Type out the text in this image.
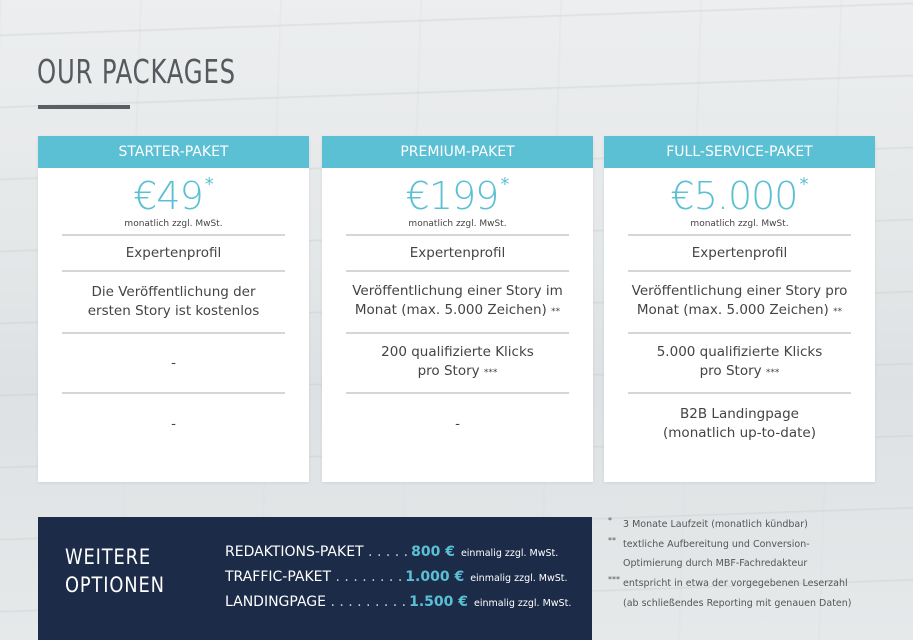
OUR PACKAGES
STARTER-PAKET
€49 *
monatlich zzgl. MwSt.
Expertenprofil
Die Veröffentlichung der
ersten Story ist kostenlos
-
-
PREMIUM-PAKET
€199 *
monatlich zzgl. MwSt.
Expertenprofil
Veröffentlichung einer Story im
Monat (max. 5.000 Zeichen) **
200 qualifizierte Klicks
pro Story ***
-
FULL-SERVICE-PAKET
€5.000 *
monatlich zzgl. MwSt.
Expertenprofil
Veröffentlichung einer Story pro
Monat (max. 5.000 Zeichen) **
5.000 qualifizierte Klicks
pro Story ***
B2B Landingpage
(monatlich up-to-date)
WEITERE
OPTIONEN
REDAKTIONS-PAKET . . . . . 800 € einmalig zzgl. MwSt.
TRAFFIC-PAKET . . . . . . . . 1.000 € einmalig zzgl. MwSt.
LANDINGPAGE . . . . . . . . . 1.500 € einmalig zzgl. MwSt.
* 3 Monate Laufzeit (monatlich kündbar)
** textliche Aufbereitung und Conversion-
Optimierung durch MBF-Fachredakteur
*** entspricht in etwa der vorgegebenen Leserzahl
(ab schließendes Reporting mit genauen Daten)
